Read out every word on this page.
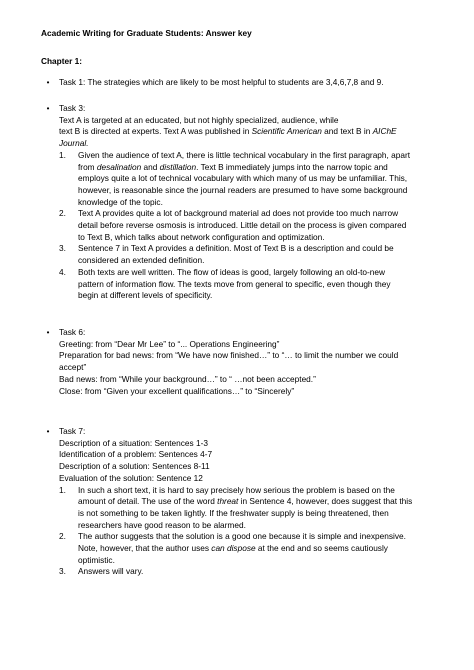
Academic Writing for Graduate Students: Answer key
Chapter 1:
•	Task 1: The strategies which are likely to be most helpful to students are 3,4,6,7,8 and 9.
•	Task 3:
Text A is targeted at an educated, but not highly specialized, audience, while
text B is directed at experts. Text A was published in Scientific American and text B in AIChE
Journal.
1. Given the audience of text A, there is little technical vocabulary in the first paragraph, apart
from desalination and distillation. Text B immediately jumps into the narrow topic and
employs quite a lot of technical vocabulary with which many of us may be unfamiliar. This,
however, is reasonable since the journal readers are presumed to have some background
knowledge of the topic.
2. Text A provides quite a lot of background material ad does not provide too much narrow
detail before reverse osmosis is introduced. Little detail on the process is given compared
to Text B, which talks about network configuration and optimization.
3. Sentence 7 in Text A provides a definition. Most of Text B is a description and could be
considered an extended definition.
4. Both texts are well written. The flow of ideas is good, largely following an old-to-new
pattern of information flow. The texts move from general to specific, even though they
begin at different levels of specificity.
•	Task 6:
Greeting: from “Dear Mr Lee” to “... Operations Engineering”
Preparation for bad news: from “We have now finished…” to “… to limit the number we could
accept”
Bad news: from “While your background…” to “ …not been accepted.”
Close: from “Given your excellent qualifications…” to “Sincerely”
•	Task 7:
Description of a situation: Sentences 1-3
Identification of a problem: Sentences 4-7
Description of a solution: Sentences 8-11
Evaluation of the solution: Sentence 12
1. In such a short text, it is hard to say precisely how serious the problem is based on the
amount of detail. The use of the word threat in Sentence 4, however, does suggest that this
is not something to be taken lightly. If the freshwater supply is being threatened, then
researchers have good reason to be alarmed.
2. The author suggests that the solution is a good one because it is simple and inexpensive.
Note, however, that the author uses can dispose at the end and so seems cautiously
optimistic.
3. Answers will vary.
